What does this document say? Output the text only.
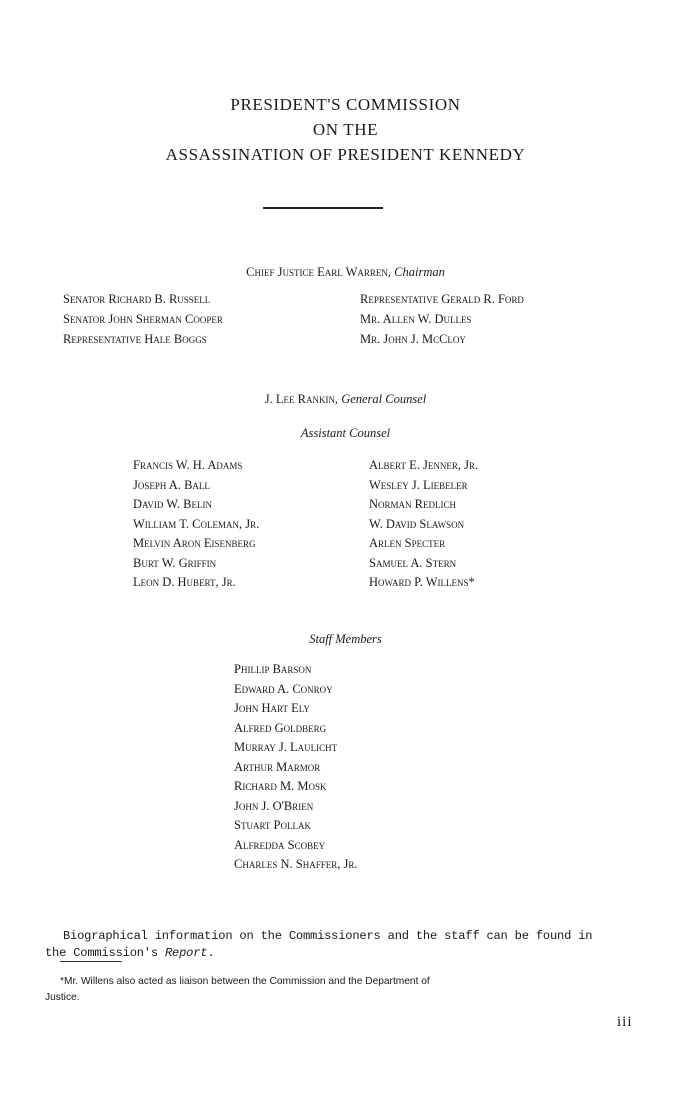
PRESIDENT'S COMMISSION
ON THE
ASSASSINATION OF PRESIDENT KENNEDY
Chief Justice Earl Warren, Chairman
Senator Richard B. Russell
Senator John Sherman Cooper
Representative Hale Boggs
Representative Gerald R. Ford
Mr. Allen W. Dulles
Mr. John J. McCloy
J. Lee Rankin, General Counsel
Assistant Counsel
Francis W. H. Adams
Joseph A. Ball
David W. Belin
William T. Coleman, Jr.
Melvin Aron Eisenberg
Burt W. Griffin
Leon D. Hubert, Jr.
Albert E. Jenner, Jr.
Wesley J. Liebeler
Norman Redlich
W. David Slawson
Arlen Specter
Samuel A. Stern
Howard P. Willens*
Staff Members
Phillip Barson
Edward A. Conroy
John Hart Ely
Alfred Goldberg
Murray J. Laulicht
Arthur Marmor
Richard M. Mosk
John J. O'Brien
Stuart Pollak
Alfredda Scobey
Charles N. Shaffer, Jr.
Biographical information on the Commissioners and the staff can be found in
the Commission's Report.
*Mr. Willens also acted as liaison between the Commission and the Department of
Justice.
iii
